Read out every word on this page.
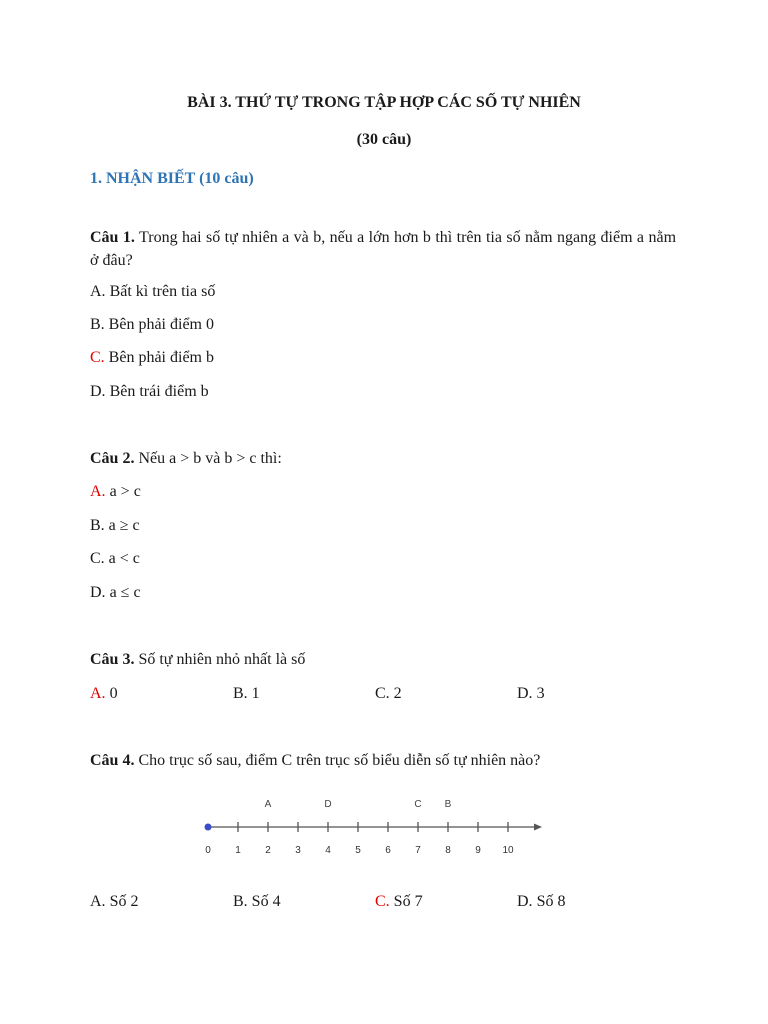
BÀI 3. THỨ TỰ TRONG TẬP HỢP CÁC SỐ TỰ NHIÊN
(30 câu)
1. NHẬN BIẾT (10 câu)
Câu 1. Trong hai số tự nhiên a và b, nếu a lớn hơn b thì trên tia số nằm ngang điểm a nằm ở đâu?
A. Bất kì trên tia số
B. Bên phải điểm 0
C. Bên phải điểm b
D. Bên trái điểm b
Câu 2. Nếu a > b và b > c thì:
A. a > c
B. a ≥ c
C. a < c
D. a ≤ c
Câu 3. Số tự nhiên nhỏ nhất là số
A. 0	B. 1	C. 2	D. 3
Câu 4. Cho trục số sau, điểm C trên trục số biểu diễn số tự nhiên nào?
0 1 2 3 4 5 6 7 8 9 10
A	D	C B
A. Số 2	B. Số 4	C. Số 7	D. Số 8
